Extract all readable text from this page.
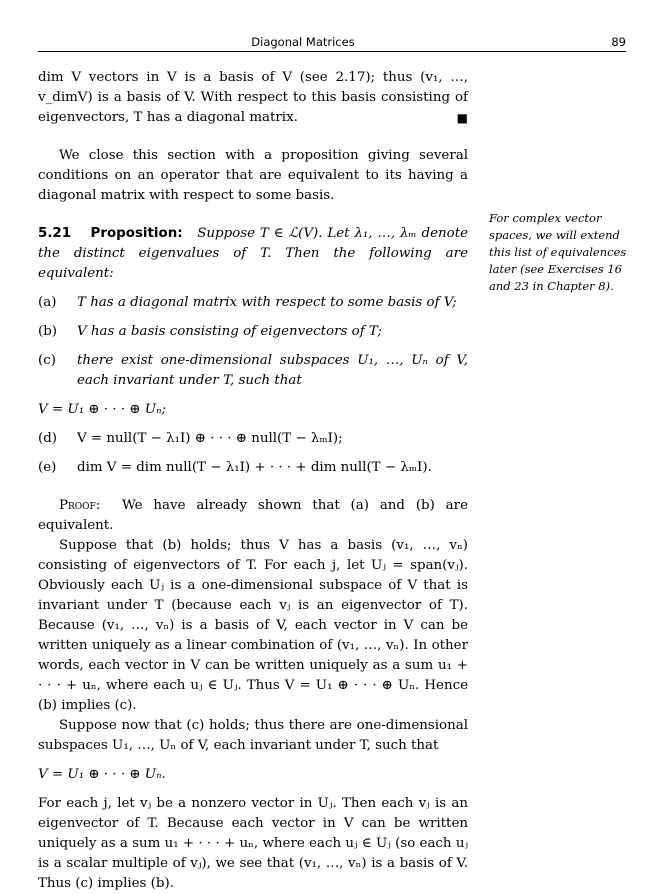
Diagonal Matrices	89

dim V vectors in V is a basis of V (see 2.17); thus (v₁, …, v_dimV) is a basis of V. With respect to this basis consisting of eigenvectors, T has a diagonal matrix.	■

We close this section with a proposition giving several conditions on an operator that are equivalent to its having a diagonal matrix with respect to some basis.

5.21 Proposition: Suppose T ∈ ℒ(V). Let λ₁, …, λₘ denote the distinct eigenvalues of T. Then the following are equivalent:

(a) T has a diagonal matrix with respect to some basis of V;

(b) V has a basis consisting of eigenvectors of T;

(c) there exist one-dimensional subspaces U₁, …, Uₙ of V, each invariant under T, such that

V = U₁ ⊕ · · · ⊕ Uₙ;

(d) V = null(T − λ₁I) ⊕ · · · ⊕ null(T − λₘI);

(e) dim V = dim null(T − λ₁I) + · · · + dim null(T − λₘI).

Proof: We have already shown that (a) and (b) are equivalent.

Suppose that (b) holds; thus V has a basis (v₁, …, vₙ) consisting of eigenvectors of T. For each j, let Uⱼ = span(vⱼ). Obviously each Uⱼ is a one-dimensional subspace of V that is invariant under T (because each vⱼ is an eigenvector of T). Because (v₁, …, vₙ) is a basis of V, each vector in V can be written uniquely as a linear combination of (v₁, …, vₙ). In other words, each vector in V can be written uniquely as a sum u₁ + · · · + uₙ, where each uⱼ ∈ Uⱼ. Thus V = U₁ ⊕ · · · ⊕ Uₙ. Hence (b) implies (c).

Suppose now that (c) holds; thus there are one-dimensional subspaces U₁, …, Uₙ of V, each invariant under T, such that

V = U₁ ⊕ · · · ⊕ Uₙ.

For each j, let vⱼ be a nonzero vector in Uⱼ. Then each vⱼ is an eigenvector of T. Because each vector in V can be written uniquely as a sum u₁ + · · · + uₙ, where each uⱼ ∈ Uⱼ (so each uⱼ is a scalar multiple of vⱼ), we see that (v₁, …, vₙ) is a basis of V. Thus (c) implies (b).

For complex vector spaces, we will extend this list of equivalences later (see Exercises 16 and 23 in Chapter 8).
